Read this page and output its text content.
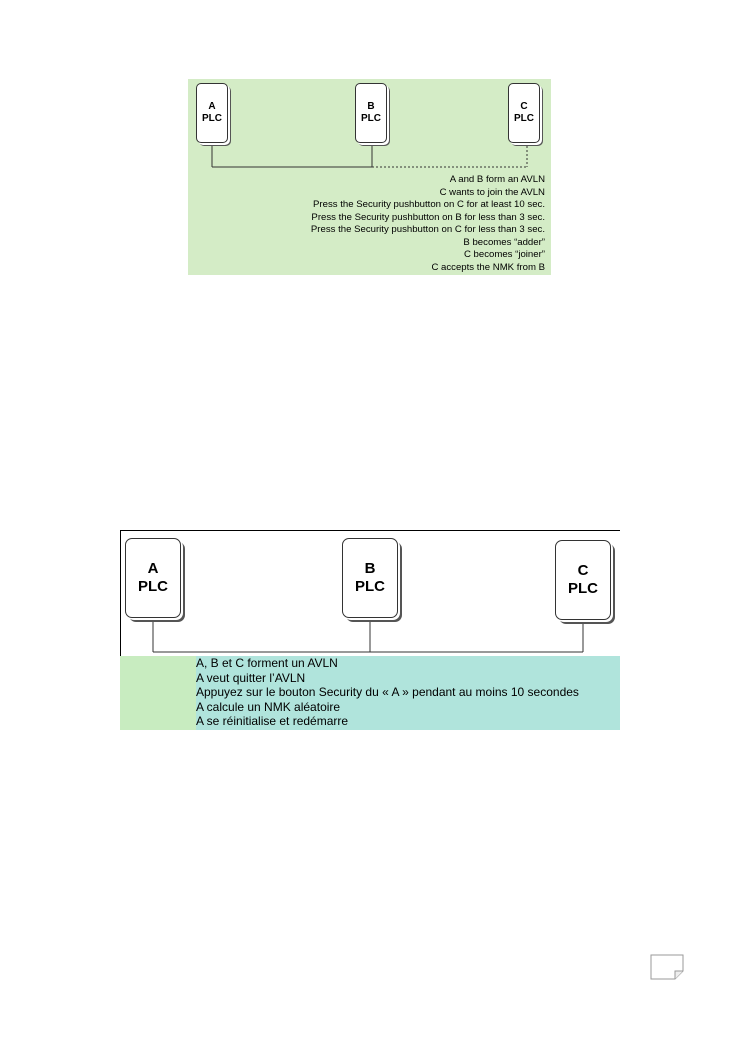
A
PLC
B
PLC
C
PLC
A and B form an AVLN
C wants to join the AVLN
Press the Security pushbutton on C for at least 10 sec.
Press the Security pushbutton on B for less than 3 sec.
Press the Security pushbutton on C for less than 3 sec.
B becomes “adder”
C becomes “joiner”
C accepts the NMK from B
A
PLC
B
PLC
C
PLC
A, B et C forment un AVLN
A veut quitter l’AVLN
Appuyez sur le bouton Security du « A » pendant au moins 10 secondes
A calcule un NMK aléatoire
A se réinitialise et redémarre
